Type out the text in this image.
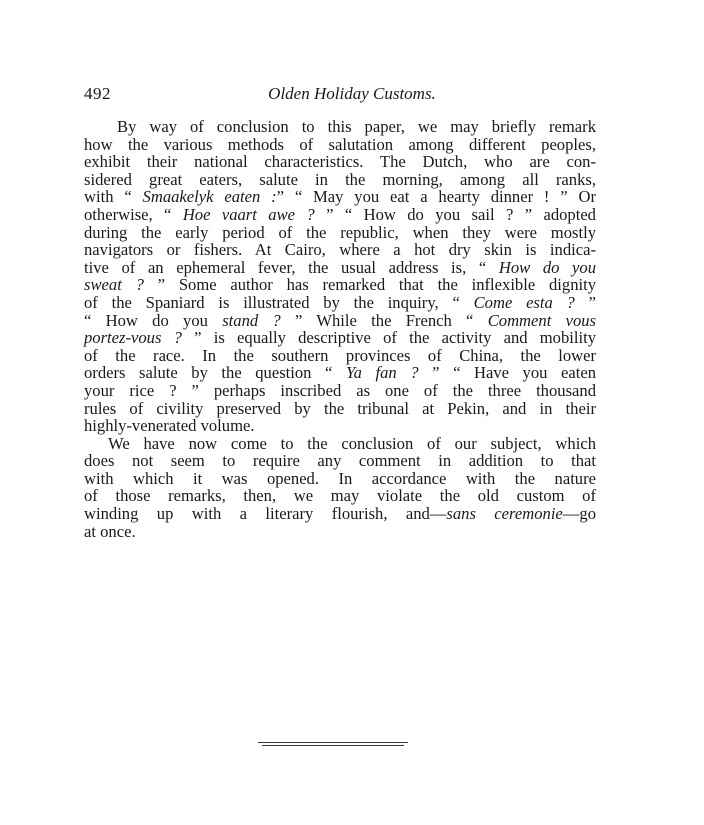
492	Olden Holiday Customs.
By way of conclusion to this paper, we may briefly remark
how the various methods of salutation among different peoples,
exhibit their national characteristics. The Dutch, who are con-
sidered great eaters, salute in the morning, among all ranks,
with “ Smaakelyk eaten :” “ May you eat a hearty dinner ! ” Or
otherwise, “ Hoe vaart awe ? ” “ How do you sail ? ” adopted
during the early period of the republic, when they were mostly
navigators or fishers. At Cairo, where a hot dry skin is indica-
tive of an ephemeral fever, the usual address is, “ How do you
sweat ? ” Some author has remarked that the inflexible dignity
of the Spaniard is illustrated by the inquiry, “ Come esta ? ”
“ How do you stand ? ” While the French “ Comment vous
portez-vous ? ” is equally descriptive of the activity and mobility
of the race. In the southern provinces of China, the lower
orders salute by the question “ Ya fan ? ” “ Have you eaten
your rice ? ” perhaps inscribed as one of the three thousand
rules of civility preserved by the tribunal at Pekin, and in their
highly-venerated volume.
We have now come to the conclusion of our subject, which
does not seem to require any comment in addition to that
with which it was opened. In accordance with the nature
of those remarks, then, we may violate the old custom of
winding up with a literary flourish, and—sans ceremonie—go
at once.
